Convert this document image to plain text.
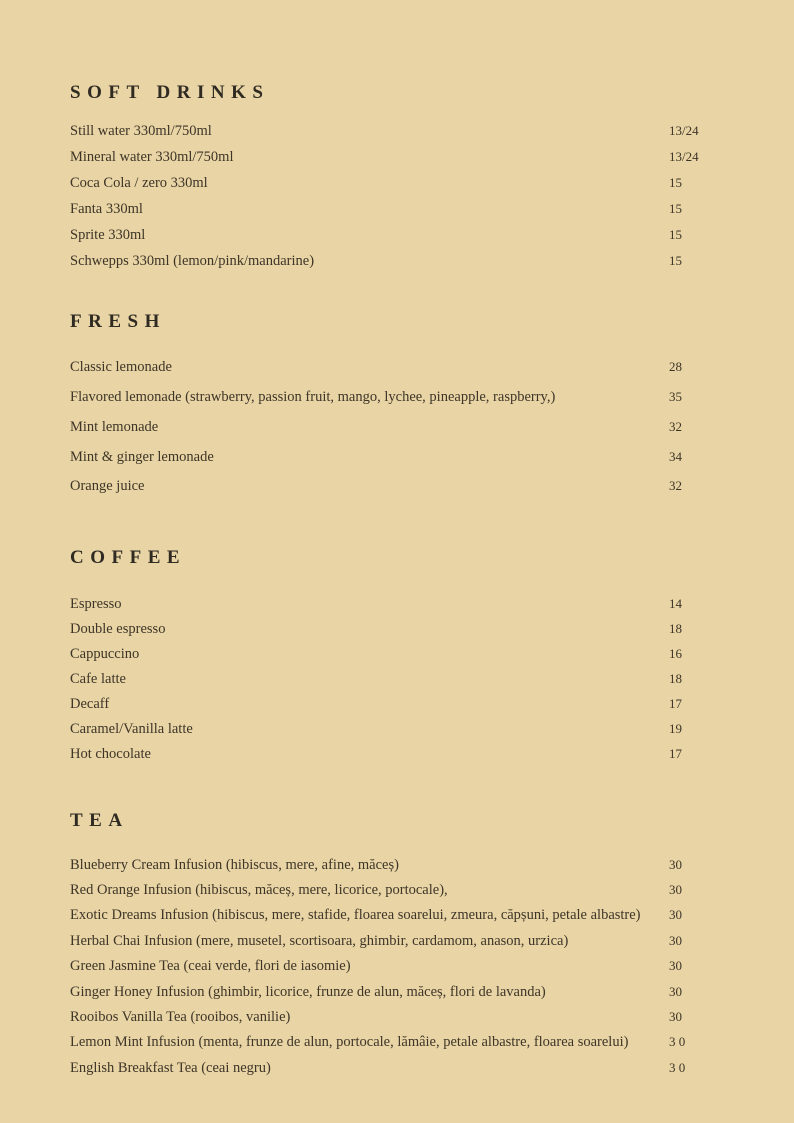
SOFT DRINKS
Still water 330ml/750ml	13/24
Mineral water 330ml/750ml	13/24
Coca Cola / zero 330ml	15
Fanta 330ml	15
Sprite 330ml	15
Schwepps 330ml (lemon/pink/mandarine)	15
FRESH
Classic lemonade	28
Flavored lemonade (strawberry, passion fruit, mango, lychee, pineapple, raspberry,)	35
Mint lemonade	32
Mint & ginger lemonade	34
Orange juice	32
COFFEE
Espresso	14
Double espresso	18
Cappuccino	16
Cafe latte	18
Decaff	17
Caramel/Vanilla latte	19
Hot chocolate	17
TEA
Blueberry Cream Infusion (hibiscus, mere, afine, măceș)	30
Red Orange Infusion (hibiscus, măceș, mere, licorice, portocale),	30
Exotic Dreams Infusion (hibiscus, mere, stafide, floarea soarelui, zmeura, căpșuni, petale albastre) 30
Herbal Chai Infusion (mere, musetel, scortisoara, ghimbir, cardamom, anason, urzica)	30
Green Jasmine Tea (ceai verde, flori de iasomie)	30
Ginger Honey Infusion (ghimbir, licorice, frunze de alun, măceș, flori de lavanda)	30
Rooibos Vanilla Tea (rooibos, vanilie)	30
Lemon Mint Infusion (menta, frunze de alun, portocale, lămâie, petale albastre, floarea soarelui)	3 0
English Breakfast Tea (ceai negru)	3 0
